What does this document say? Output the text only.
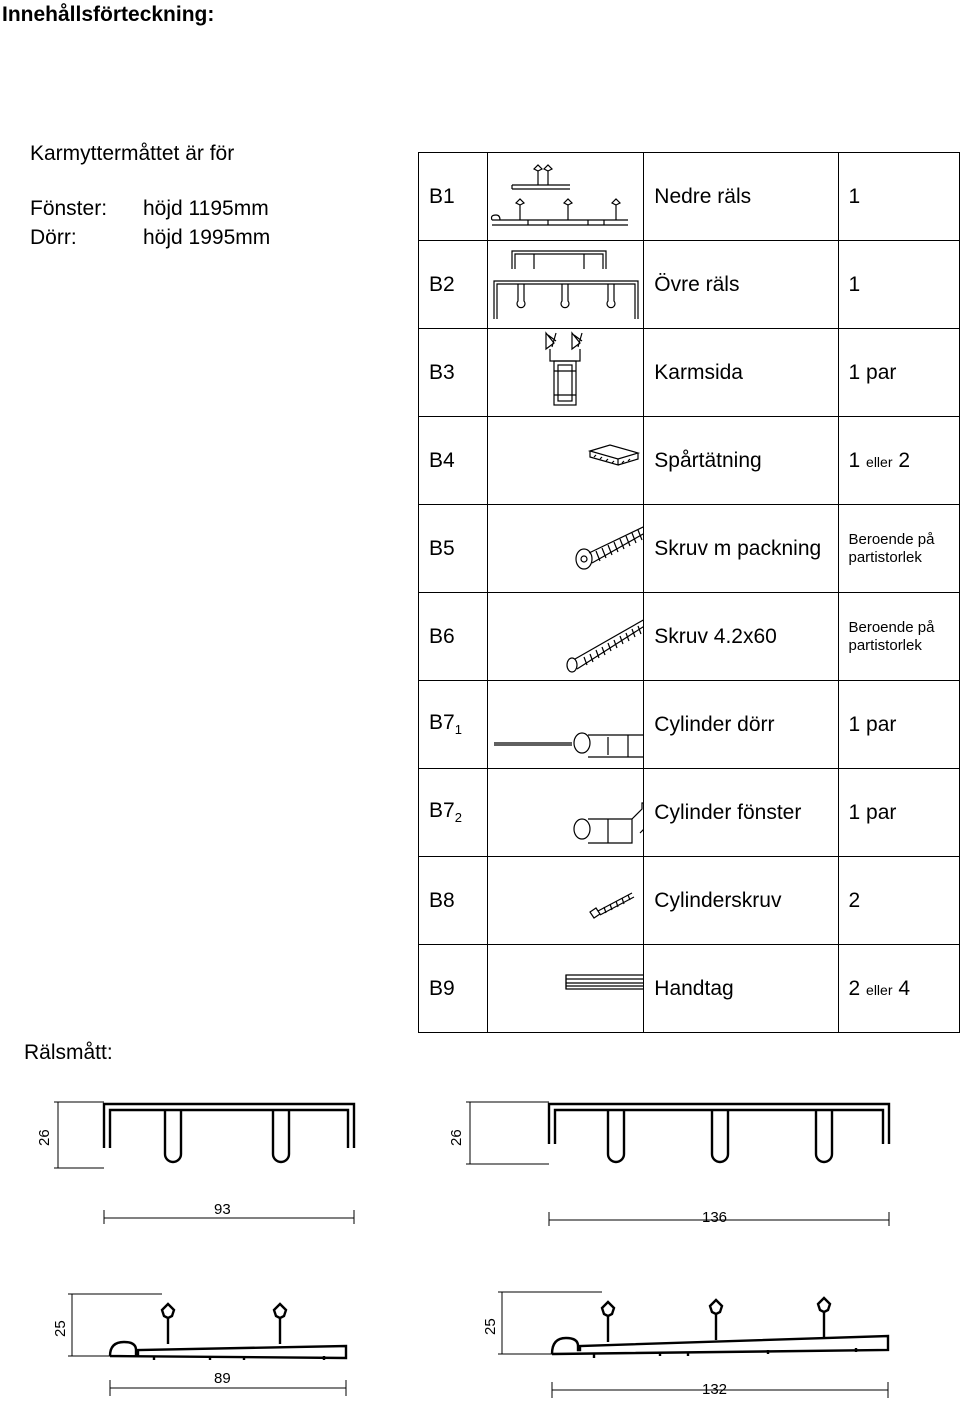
Innehållsförteckning:
Karmyttermåttet är för
Fönster: höjd 1195mm
Dörr:	höjd 1995mm
B1		Nedre räls	1
B2		Övre räls	1
B3		Karmsida	1 par
B4		Spårtätning	1 eller 2
B5		Skruv m packning	Beroende på
partistorlek

B6		Skruv 4.2x60	Beroende på
partistorlek

$B7_1$		Cylinder dörr	1 par
$B7_2$		Cylinder fönster	1 par
B8		Cylinderskruv	2
B9		Handtag	2 eller 4
Rälsmått:
26
93
26
136
25
89
25
132
